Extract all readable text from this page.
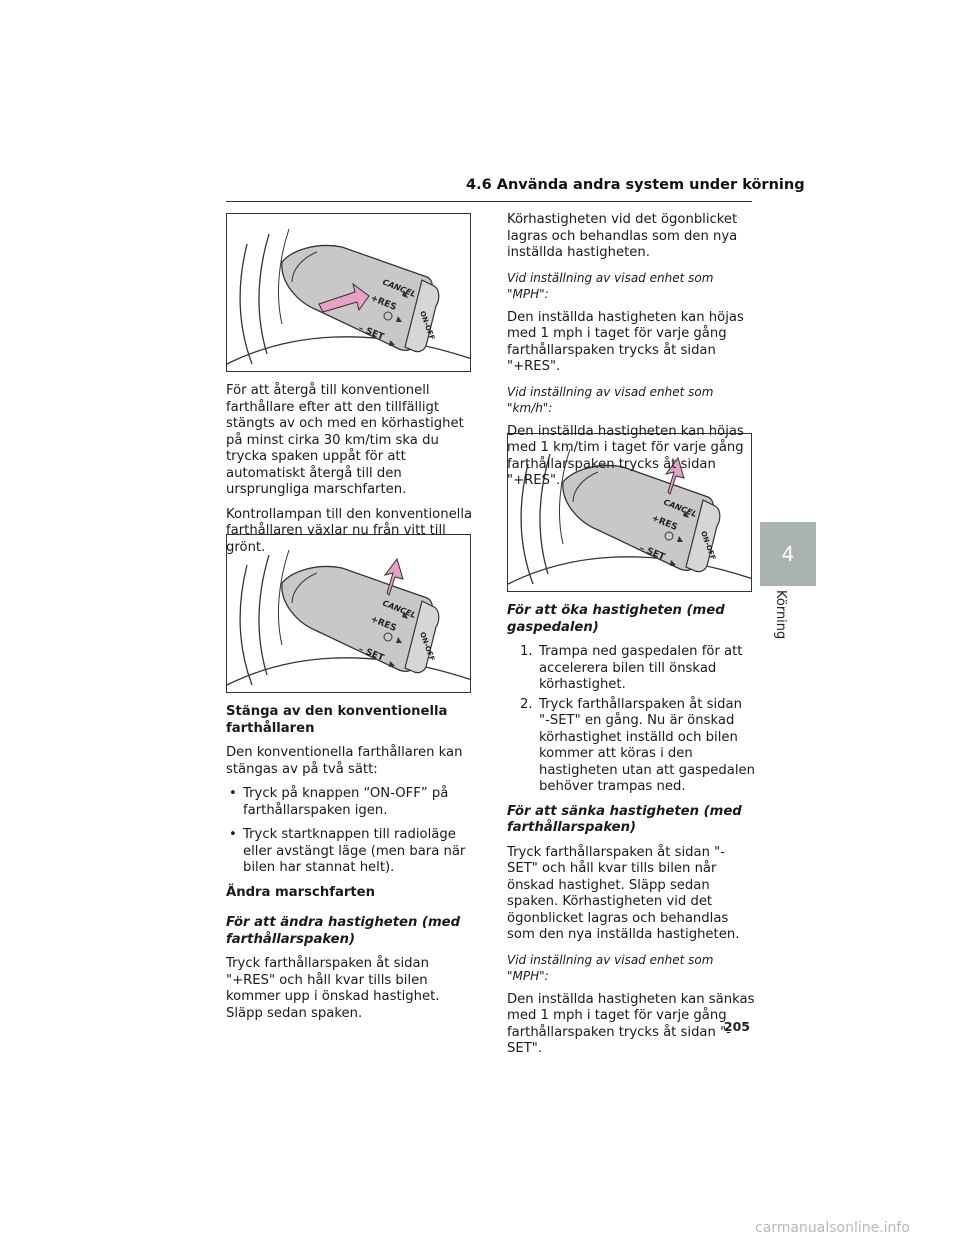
4.6 Använda andra system under körning
4
Körning

För att återgå till konventionell farthållare efter att den tillfälligt stängts av och med en körhastighet på minst cirka 30 km/tim ska du trycka spaken uppåt för att automatiskt återgå till den ursprungliga marschfarten.

Kontrollampan till den konventionella farthållaren växlar nu från vitt till grönt.

Stänga av den konventionella farthållaren

Den konventionella farthållaren kan stängas av på två sätt:

• Tryck på knappen “ON-OFF” på farthållarspaken igen.
• Tryck startknappen till radioläge eller avstängt läge (men bara när bilen har stannat helt).

Ändra marschfarten

För att ändra hastigheten (med farthållarspaken)

Tryck farthållarspaken åt sidan "+RES" och håll kvar tills bilen kommer upp i önskad hastighet. Släpp sedan spaken.

Körhastigheten vid det ögonblicket lagras och behandlas som den nya inställda hastigheten.

Vid inställning av visad enhet som "MPH":

Den inställda hastigheten kan höjas med 1 mph i taget för varje gång farthållarspaken trycks åt sidan "+RES".

Vid inställning av visad enhet som "km/h":

Den inställda hastigheten kan höjas med 1 km/tim i taget för varje gång farthållarspaken trycks åt sidan "+RES".

För att öka hastigheten (med gaspedalen)

1. Trampa ned gaspedalen för att accelerera bilen till önskad körhastighet.
2. Tryck farthållarspaken åt sidan "-SET" en gång. Nu är önskad körhastighet inställd och bilen kommer att köras i den hastigheten utan att gaspedalen behöver trampas ned.

För att sänka hastigheten (med farthållarspaken)

Tryck farthållarspaken åt sidan "-SET" och håll kvar tills bilen når önskad hastighet. Släpp sedan spaken. Körhastigheten vid det ögonblicket lagras och behandlas som den nya inställda hastigheten.

Vid inställning av visad enhet som "MPH":

Den inställda hastigheten kan sänkas med 1 mph i taget för varje gång farthållarspaken trycks åt sidan "-SET".

205
carmanualsonline.info
